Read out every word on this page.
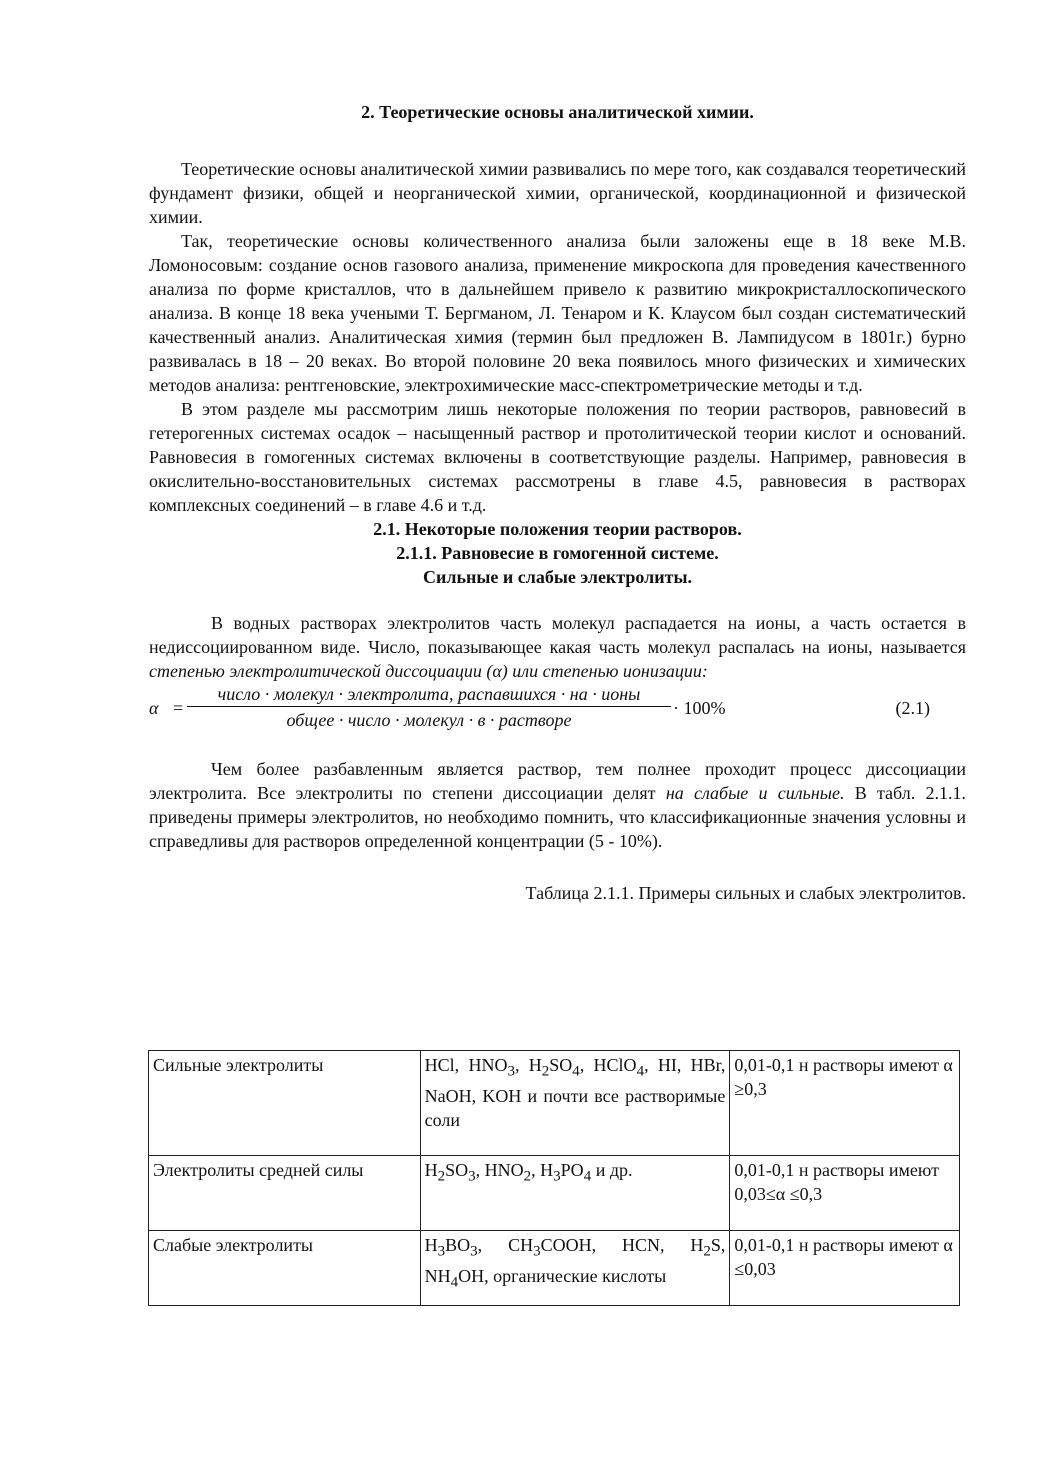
2. Теоретические основы аналитической химии.

Теоретические основы аналитической химии развивались по мере того, как создавался теоретический фундамент физики, общей и неорганической химии, органической, координационной и физической химии.

Так, теоретические основы количественного анализа были заложены еще в 18 веке М.В. Ломоносовым: создание основ газового анализа, применение микроскопа для проведения качественного анализа по форме кристаллов, что в дальнейшем привело к развитию микрокристаллоскопического анализа. В конце 18 века учеными Т. Бергманом, Л. Тенаром и К. Клаусом был создан систематический качественный анализ. Аналитическая химия (термин был предложен В. Лампидусом в 1801г.) бурно развивалась в 18 – 20 веках. Во второй половине 20 века появилось много физических и химических методов анализа: рентгеновские, электрохимические масс-спектрометрические методы и т.д.

В этом разделе мы рассмотрим лишь некоторые положения по теории растворов, равновесий в гетерогенных системах осадок – насыщенный раствор и протолитической теории кислот и оснований. Равновесия в гомогенных системах включены в соответствующие разделы. Например, равновесия в окислительно-восстановительных системах рассмотрены в главе 4.5, равновесия в растворах комплексных соединений – в главе 4.6 и т.д.

2.1. Некоторые положения теории растворов.
2.1.1. Равновесие в гомогенной системе.
Сильные и слабые электролиты.

В водных растворах электролитов часть молекул распадается на ионы, а часть остается в недиссоциированном виде. Число, показывающее какая часть молекул распалась на ионы, называется степенью электролитической диссоциации (α) или степенью ионизации:

α =
число · молекул · электролита, распавшихся · на · ионы
общее · число · молекул · в · растворе
· 100%	(2.1)

Чем более разбавленным является раствор, тем полнее проходит процесс диссоциации электролита. Все электролиты по степени диссоциации делят на слабые и сильные. В табл. 2.1.1. приведены примеры электролитов, но необходимо помнить, что классификационные значения условны и справедливы для растворов определенной концентрации (5 - 10%).

Таблица 2.1.1. Примеры сильных и слабых электролитов.
Сильные электролиты	HCl, $HNO_3$, $H_2SO_4$, HClO$_4$, HI, HBr, NaOH, KOH и почти все растворимые соли	0,01-0,1 н растворы имеют α ≥0,3
Электролиты средней силы	$H_2SO_3$, $HNO_2$, $H_3PO_4$ и др.	0,01-0,1 н растворы имеют 0,03≤α ≤0,3
Слабые электролиты	$H_3BO_3$, $CH_3COOH$, HCN, $H_2S$, $NH_4OH$, органические кислоты	0,01-0,1 н растворы имеют α ≤0,03
